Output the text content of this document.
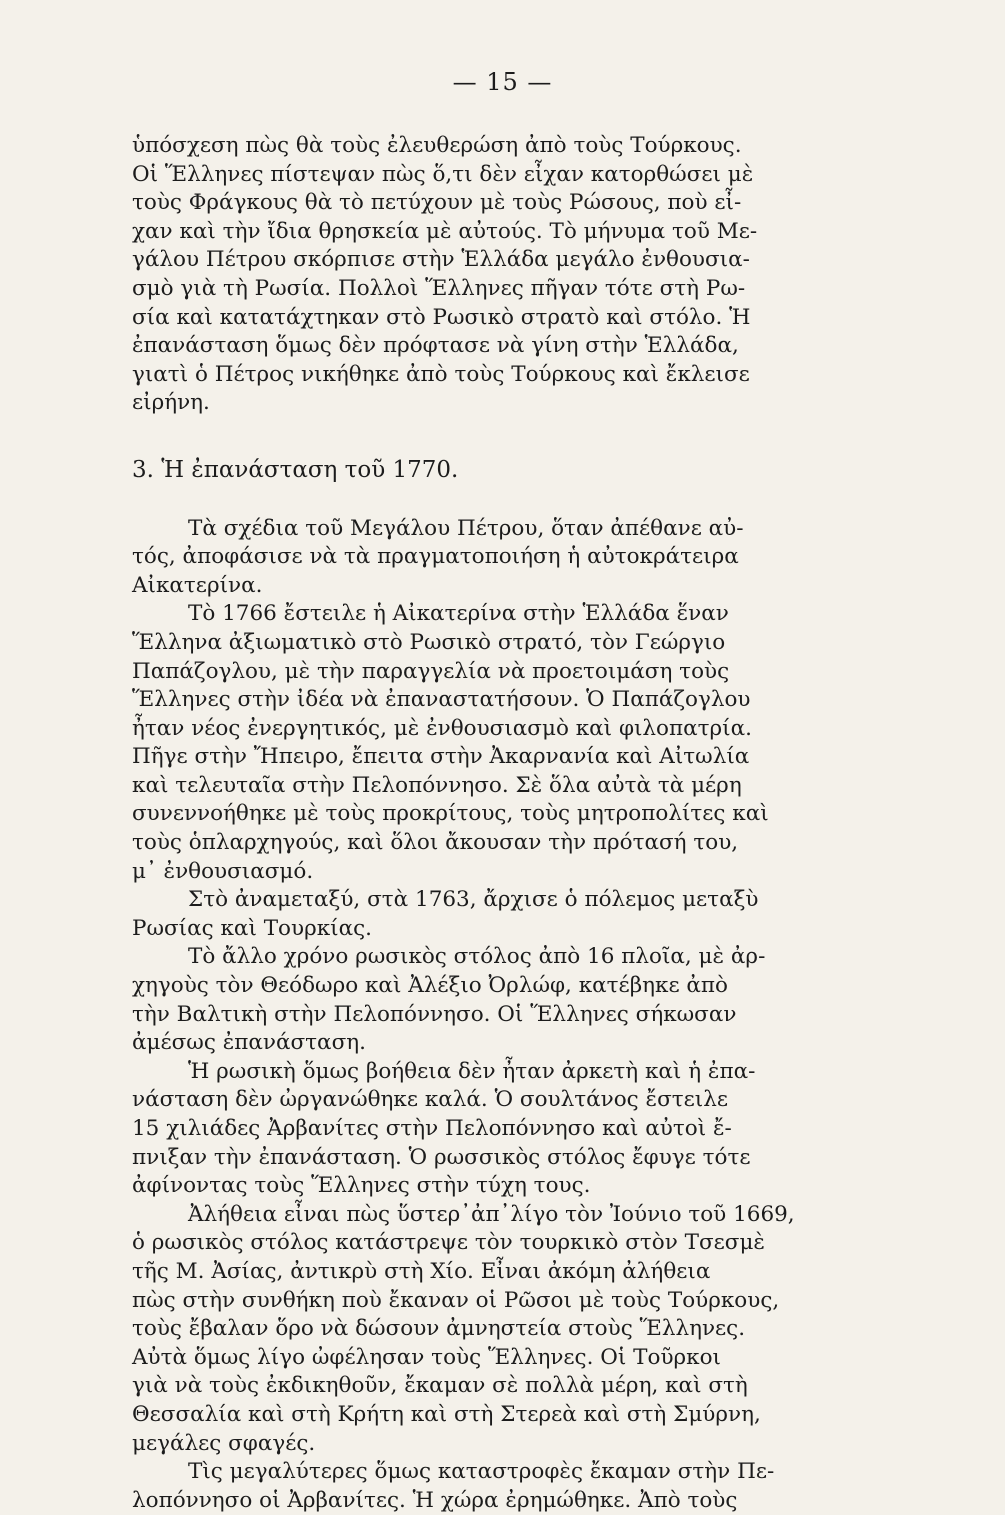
— 15 —

ὑπόσχεση πὼς θὰ τοὺς ἐλευθερώση ἀπὸ τοὺς Τούρκους.
Οἱ Ἕλληνες πίστεψαν πὼς ὅ,τι δὲν εἶχαν κατορθώσει μὲ
τοὺς Φράγκους θὰ τὸ πετύχουν μὲ τοὺς Ρώσους, ποὺ εἶ-
χαν καὶ τὴν ἴδια θρησκεία μὲ αὐτούς. Τὸ μήνυμα τοῦ Με-
γάλου Πέτρου σκόρπισε στὴν Ἑλλάδα μεγάλο ἐνθουσια-
σμὸ γιὰ τὴ Ρωσία. Πολλοὶ Ἕλληνες πῆγαν τότε στὴ Ρω-
σία καὶ κατατάχτηκαν στὸ Ρωσικὸ στρατὸ καὶ στόλο. Ἡ
ἐπανάσταση ὅμως δὲν πρόφτασε νὰ γίνη στὴν Ἑλλάδα,
γιατὶ ὁ Πέτρος νικήθηκε ἀπὸ τοὺς Τούρκους καὶ ἔκλεισε
εἰρήνη.

3. Ἡ ἐπανάσταση τοῦ 1770.

Τὰ σχέδια τοῦ Μεγάλου Πέτρου, ὅταν ἀπέθανε αὐ-
τός, ἀποφάσισε νὰ τὰ πραγματοποιήση ἡ αὐτοκράτειρα
Αἰκατερίνα.

Τὸ 1766 ἔστειλε ἡ Αἰκατερίνα στὴν Ἑλλάδα ἕναν
Ἕλληνα ἀξιωματικὸ στὸ Ρωσικὸ στρατό, τὸν Γεώργιο
Παπάζογλου, μὲ τὴν παραγγελία νὰ προετοιμάση τοὺς
Ἕλληνες στὴν ἰδέα νὰ ἐπαναστατήσουν. Ὁ Παπάζογλου
ἦταν νέος ἐνεργητικός, μὲ ἐνθουσιασμὸ καὶ φιλοπατρία.
Πῆγε στὴν Ἤπειρο, ἔπειτα στὴν Ἀκαρνανία καὶ Αἰτωλία
καὶ τελευταῖα στὴν Πελοπόννησο. Σὲ ὅλα αὐτὰ τὰ μέρη
συνεννοήθηκε μὲ τοὺς προκρίτους, τοὺς μητροπολίτες καὶ
τοὺς ὁπλαρχηγούς, καὶ ὅλοι ἄκουσαν τὴν πρότασή του,
μ᾽ ἐνθουσιασμό.

Στὸ ἀναμεταξύ, στὰ 1763, ἄρχισε ὁ πόλεμος μεταξὺ
Ρωσίας καὶ Τουρκίας.

Τὸ ἄλλο χρόνο ρωσικὸς στόλος ἀπὸ 16 πλοῖα, μὲ ἀρ-
χηγοὺς τὸν Θεόδωρο καὶ Ἀλέξιο Ὀρλώφ, κατέβηκε ἀπὸ
τὴν Βαλτικὴ στὴν Πελοπόννησο. Οἱ Ἕλληνες σήκωσαν
ἀμέσως ἐπανάσταση.

Ἡ ρωσικὴ ὅμως βοήθεια δὲν ἦταν ἀρκετὴ καὶ ἡ ἐπα-
νάσταση δὲν ὠργανώθηκε καλά. Ὁ σουλτάνος ἔστειλε
15 χιλιάδες Ἀρβανίτες στὴν Πελοπόννησο καὶ αὐτοὶ ἔ-
πνιξαν τὴν ἐπανάσταση. Ὁ ρωσσικὸς στόλος ἔφυγε τότε
ἀφίνοντας τοὺς Ἕλληνες στὴν τύχη τους.

Ἀλήθεια εἶναι πὼς ὕστερ᾽ἀπ᾽λίγο τὸν Ἰούνιο τοῦ 1669,
ὁ ρωσικὸς στόλος κατάστρεψε τὸν τουρκικὸ στὸν Τσεσμὲ
τῆς Μ. Ἀσίας, ἀντικρὺ στὴ Χίο. Εἶναι ἀκόμη ἀλήθεια
πὼς στὴν συνθήκη ποὺ ἔκαναν οἱ Ρῶσοι μὲ τοὺς Τούρκους,
τοὺς ἔβαλαν ὅρο νὰ δώσουν ἀμνηστεία στοὺς Ἕλληνες.
Αὐτὰ ὅμως λίγο ὠφέλησαν τοὺς Ἕλληνες. Οἱ Τοῦρκοι
γιὰ νὰ τοὺς ἐκδικηθοῦν, ἔκαμαν σὲ πολλὰ μέρη, καὶ στὴ
Θεσσαλία καὶ στὴ Κρήτη καὶ στὴ Στερεὰ καὶ στὴ Σμύρνη,
μεγάλες σφαγές.

Τὶς μεγαλύτερες ὅμως καταστροφὲς ἔκαμαν στὴν Πε-
λοπόννησο οἱ Ἀρβανίτες. Ἡ χώρα ἐρημώθηκε. Ἀπὸ τοὺς
